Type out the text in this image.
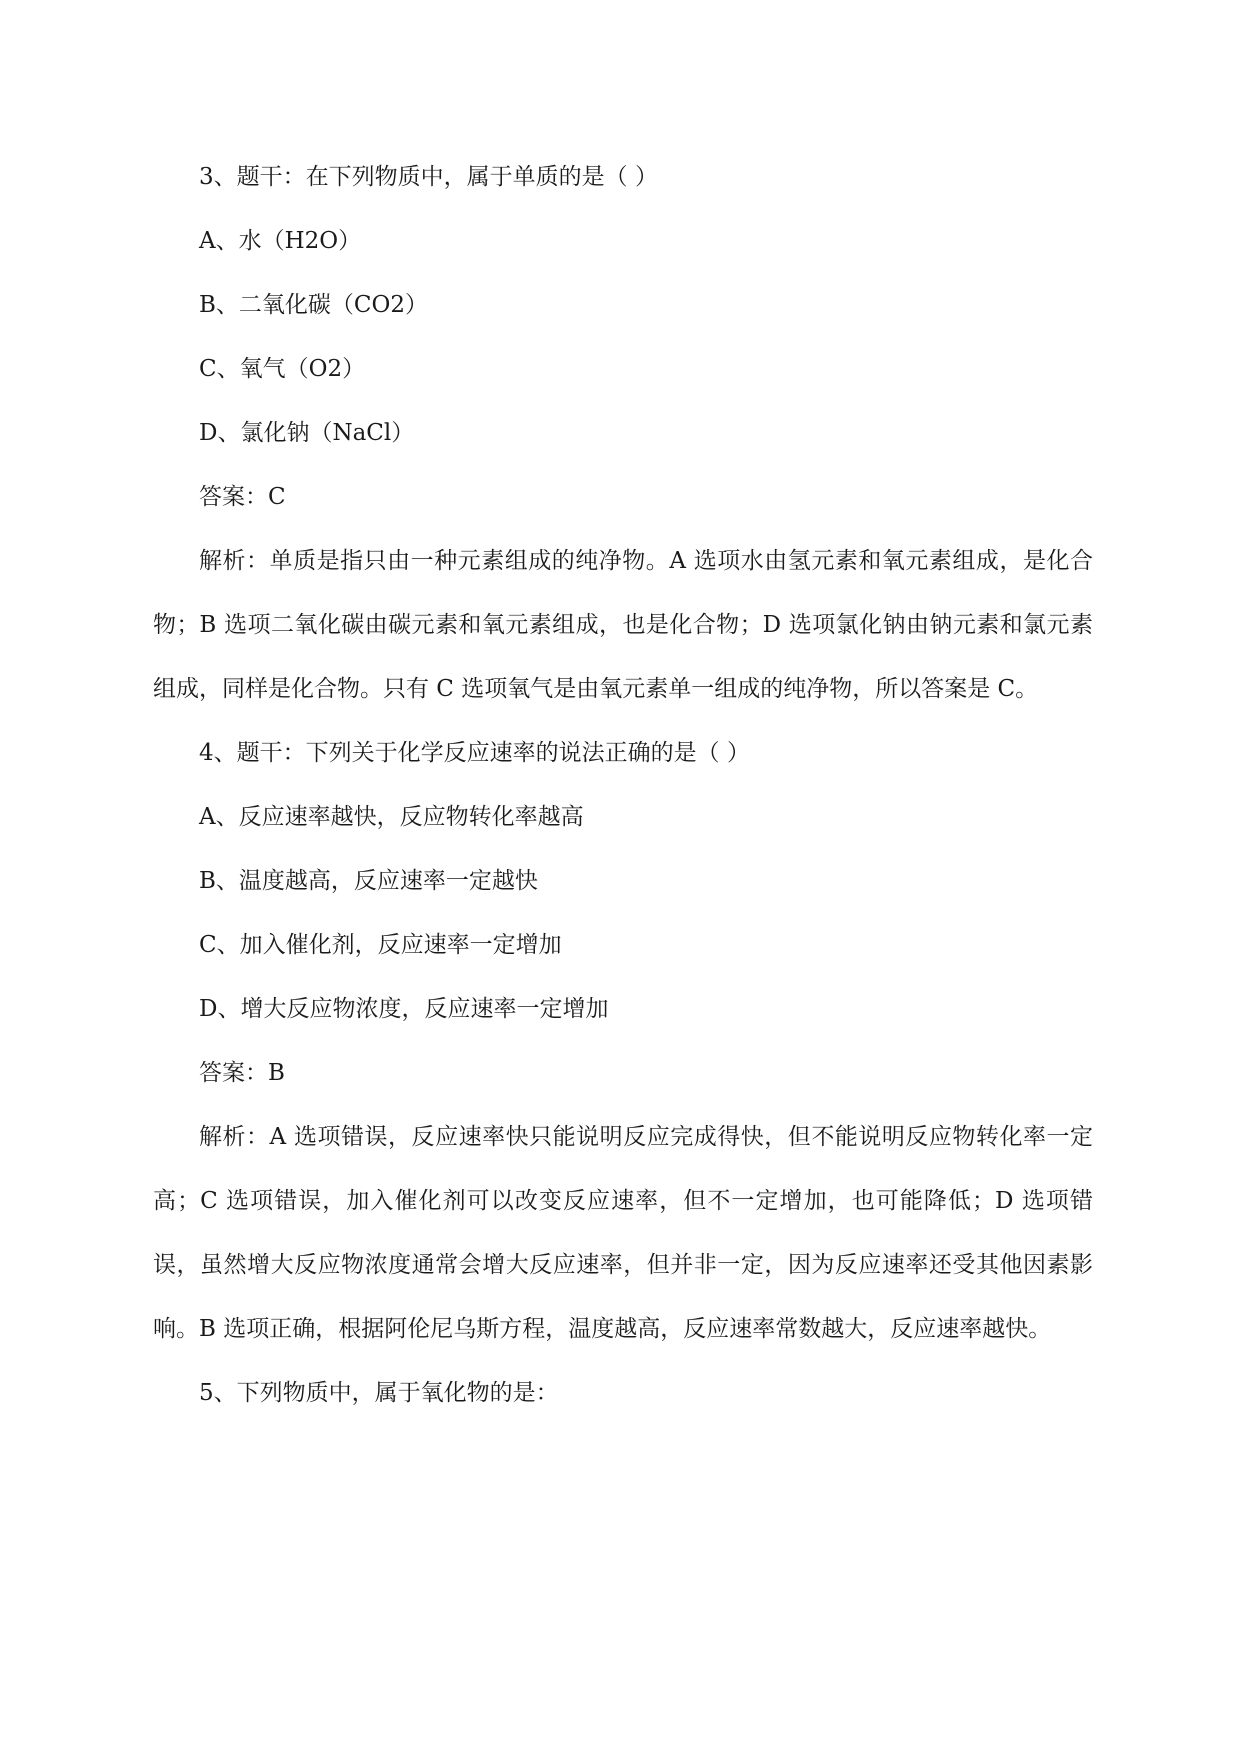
3、题干：在下列物质中，属于单质的是（ ）

A、水（H2O）

B、二氧化碳（CO2）

C、氧气（O2）

D、氯化钠（NaCl）

答案：C

解析：单质是指只由一种元素组成的纯净物。A 选项水由氢元素和氧元素组成，是化合物；B 选项二氧化碳由碳元素和氧元素组成，也是化合物；D 选项氯化钠由钠元素和氯元素组成，同样是化合物。只有 C 选项氧气是由氧元素单一组成的纯净物，所以答案是 C。

4、题干：下列关于化学反应速率的说法正确的是（ ）

A、反应速率越快，反应物转化率越高

B、温度越高，反应速率一定越快

C、加入催化剂，反应速率一定增加

D、增大反应物浓度，反应速率一定增加

答案：B

解析：A 选项错误，反应速率快只能说明反应完成得快，但不能说明反应物转化率一定高；C 选项错误，加入催化剂可以改变反应速率，但不一定增加，也可能降低；D 选项错误，虽然增大反应物浓度通常会增大反应速率，但并非一定，因为反应速率还受其他因素影响。B 选项正确，根据阿伦尼乌斯方程，温度越高，反应速率常数越大，反应速率越快。

5、下列物质中，属于氧化物的是：
